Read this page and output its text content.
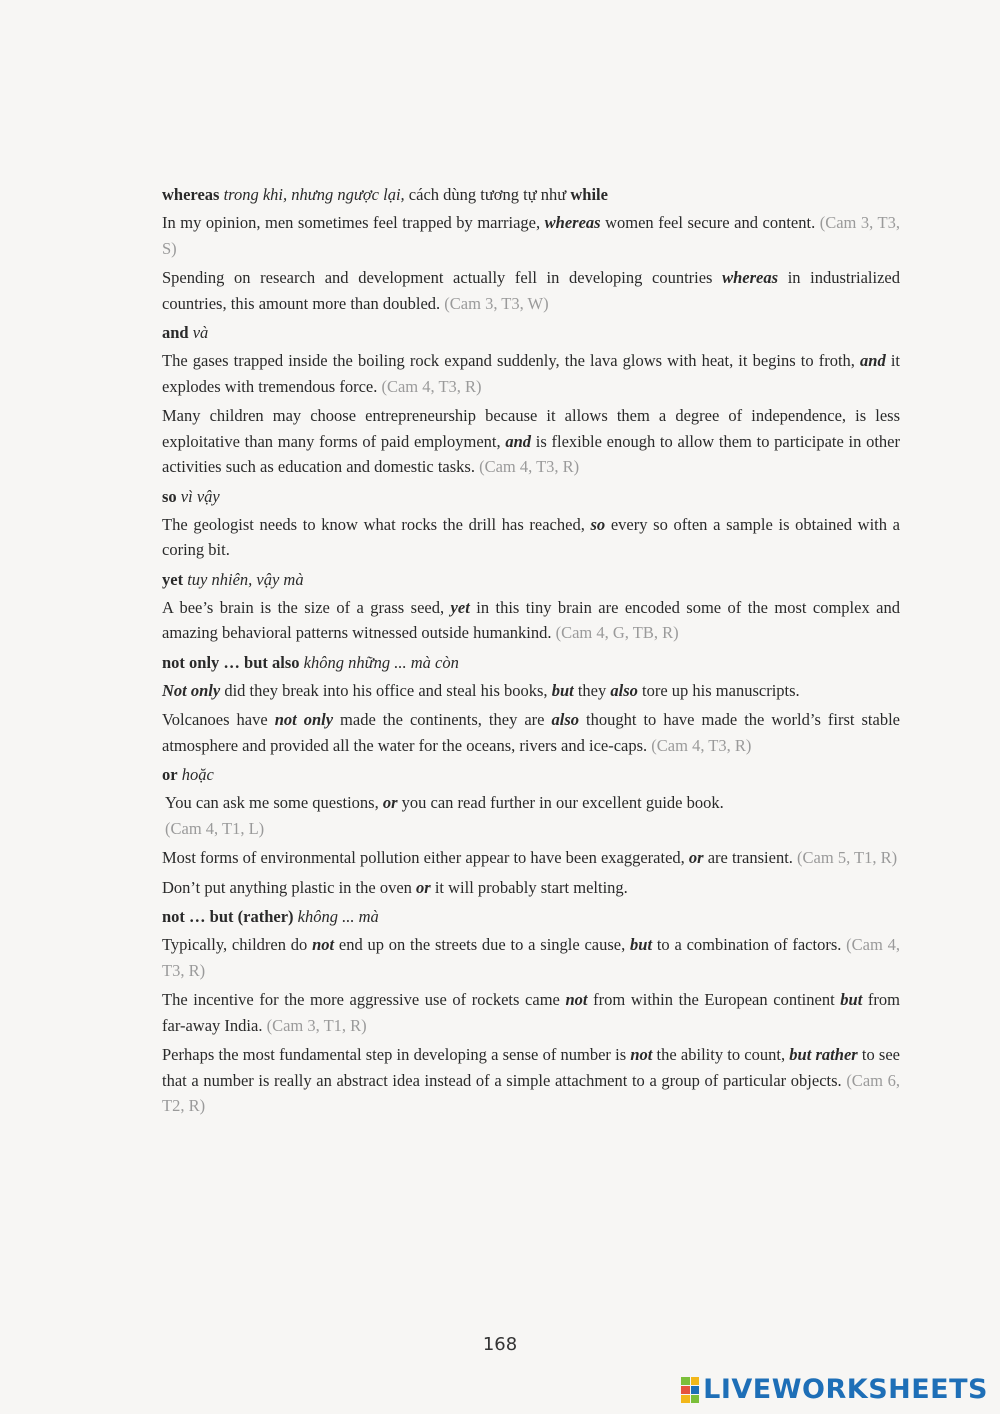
whereas trong khi, nhưng ngược lại, cách dùng tương tự như while
In my opinion, men sometimes feel trapped by marriage, whereas women feel secure and content. (Cam 3, T3, S)
Spending on research and development actually fell in developing countries whereas in industrialized countries, this amount more than doubled. (Cam 3, T3, W)
and và
The gases trapped inside the boiling rock expand suddenly, the lava glows with heat, it begins to froth, and it explodes with tremendous force. (Cam 4, T3, R)
Many children may choose entrepreneurship because it allows them a degree of independence, is less exploitative than many forms of paid employment, and is flexible enough to allow them to participate in other activities such as education and domestic tasks. (Cam 4, T3, R)
so vì vậy
The geologist needs to know what rocks the drill has reached, so every so often a sample is obtained with a coring bit.
yet tuy nhiên, vậy mà
A bee’s brain is the size of a grass seed, yet in this tiny brain are encoded some of the most complex and amazing behavioral patterns witnessed outside humankind. (Cam 4, G, TB, R)
not only … but also không những ... mà còn
Not only did they break into his office and steal his books, but they also tore up his manuscripts.
Volcanoes have not only made the continents, they are also thought to have made the world’s first stable atmosphere and provided all the water for the oceans, rivers and ice-caps. (Cam 4, T3, R)
or hoặc
You can ask me some questions, or you can read further in our excellent guide book.
(Cam 4, T1, L)
Most forms of environmental pollution either appear to have been exaggerated, or are transient. (Cam 5, T1, R)
Don’t put anything plastic in the oven or it will probably start melting.
not … but (rather) không ... mà
Typically, children do not end up on the streets due to a single cause, but to a combination of factors. (Cam 4, T3, R)
The incentive for the more aggressive use of rockets came not from within the European continent but from far-away India. (Cam 3, T1, R)
Perhaps the most fundamental step in developing a sense of number is not the ability to count, but rather to see that a number is really an abstract idea instead of a simple attachment to a group of particular objects. (Cam 6, T2, R)
168
LIVEWORKSHEETS
